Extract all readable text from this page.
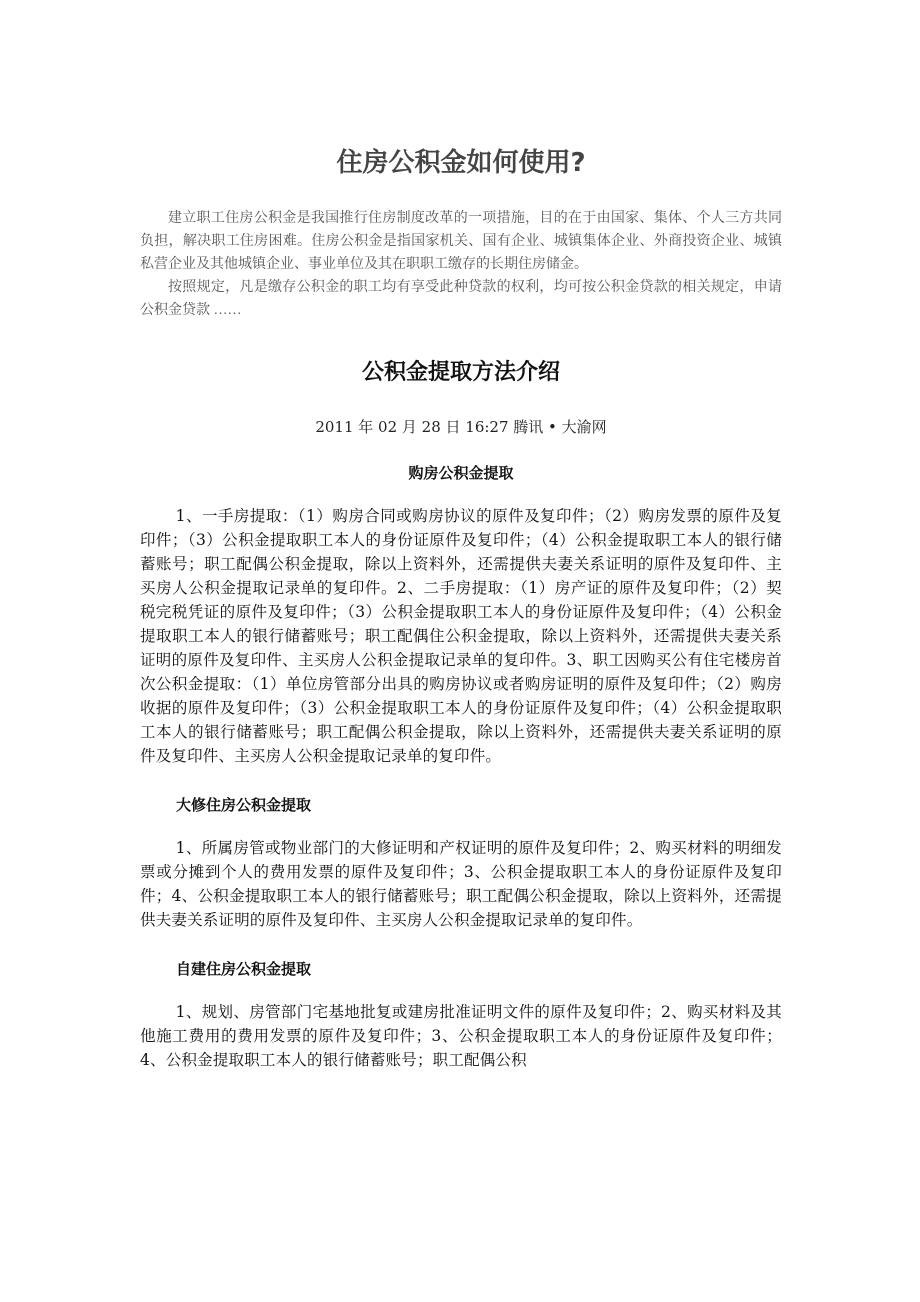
住房公积金如何使用?

建立职工住房公积金是我国推行住房制度改革的一项措施，目的在于由国家、集体、个人三方共同负担，解决职工住房困难。住房公积金是指国家机关、国有企业、城镇集体企业、外商投资企业、城镇私营企业及其他城镇企业、事业单位及其在职职工缴存的长期住房储金。

按照规定，凡是缴存公积金的职工均有享受此种贷款的权利，均可按公积金贷款的相关规定，申请公积金贷款 ……

公积金提取方法介绍
2011 年 02 月 28 日 16:27 腾讯 • 大渝网
购房公积金提取

1、一手房提取：（1）购房合同或购房协议的原件及复印件；（2）购房发票的原件及复印件；（3）公积金提取职工本人的身份证原件及复印件；（4）公积金提取职工本人的银行储蓄账号；职工配偶公积金提取，除以上资料外，还需提供夫妻关系证明的原件及复印件、主买房人公积金提取记录单的复印件。2、二手房提取：（1）房产证的原件及复印件；（2）契税完税凭证的原件及复印件；（3）公积金提取职工本人的身份证原件及复印件；（4）公积金提取职工本人的银行储蓄账号；职工配偶住公积金提取，除以上资料外，还需提供夫妻关系证明的原件及复印件、主买房人公积金提取记录单的复印件。3、职工因购买公有住宅楼房首次公积金提取：（1）单位房管部分出具的购房协议或者购房证明的原件及复印件；（2）购房收据的原件及复印件；（3）公积金提取职工本人的身份证原件及复印件；（4）公积金提取职工本人的银行储蓄账号；职工配偶公积金提取，除以上资料外，还需提供夫妻关系证明的原件及复印件、主买房人公积金提取记录单的复印件。

大修住房公积金提取

1、所属房管或物业部门的大修证明和产权证明的原件及复印件；2、购买材料的明细发票或分摊到个人的费用发票的原件及复印件；3、公积金提取职工本人的身份证原件及复印件；4、公积金提取职工本人的银行储蓄账号；职工配偶公积金提取，除以上资料外，还需提供夫妻关系证明的原件及复印件、主买房人公积金提取记录单的复印件。

自建住房公积金提取

1、规划、房管部门宅基地批复或建房批准证明文件的原件及复印件；2、购买材料及其他施工费用的费用发票的原件及复印件；3、公积金提取职工本人的身份证原件及复印件；4、公积金提取职工本人的银行储蓄账号；职工配偶公积
